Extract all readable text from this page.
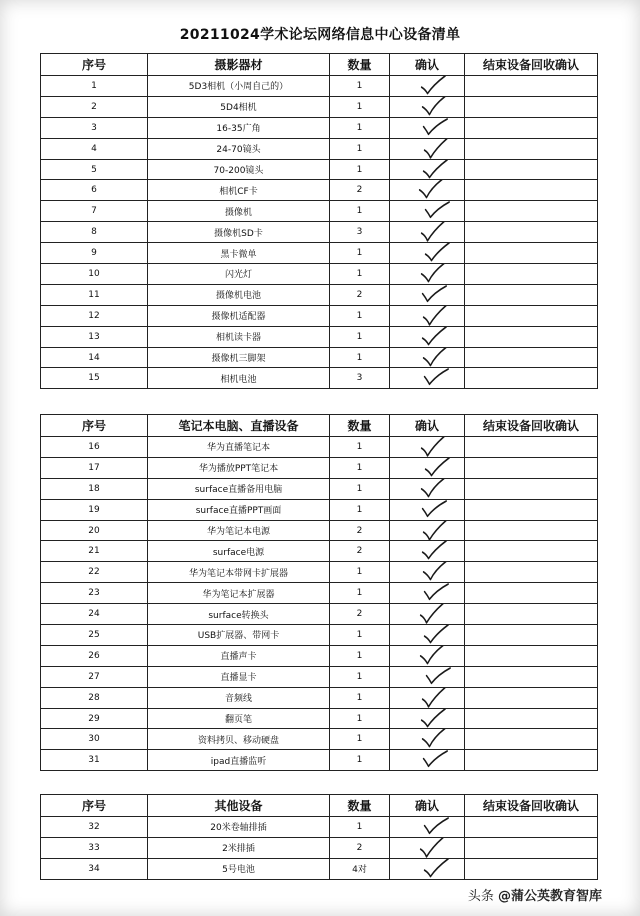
20211024学术论坛网络信息中心设备清单
序号	摄影器材	数量	确认	结束设备回收确认
1	5D3相机（小周自己的）	1	

2	5D4相机	1	

3	16-35广角	1	

4	24-70镜头	1	

5	70-200镜头	1	

6	相机CF卡	2	

7	摄像机	1	

8	摄像机SD卡	3	

9	黑卡微单	1	

10	闪光灯	1	

11	摄像机电池	2	

12	摄像机适配器	1	

13	相机读卡器	1	

14	摄像机三脚架	1	

15	相机电池	3	

序号	笔记本电脑、直播设备	数量	确认	结束设备回收确认
16	华为直播笔记本	1	

17	华为播放PPT笔记本	1	

18	surface直播备用电脑	1	

19	surface直播PPT画面	1	

20	华为笔记本电源	2	

21	surface电源	2	

22	华为笔记本带网卡扩展器	1	

23	华为笔记本扩展器	1	

24	surface转换头	2	

25	USB扩展器、带网卡	1	

26	直播声卡	1	

27	直播显卡	1	

28	音频线	1	

29	翻页笔	1	

30	资料拷贝、移动硬盘	1	

31	ipad直播监听	1	

序号	其他设备	数量	确认	结束设备回收确认
32	20米卷轴排插	1	

33	2米排插	2	

34	5号电池	4对	

头条 @蒲公英教育智库
